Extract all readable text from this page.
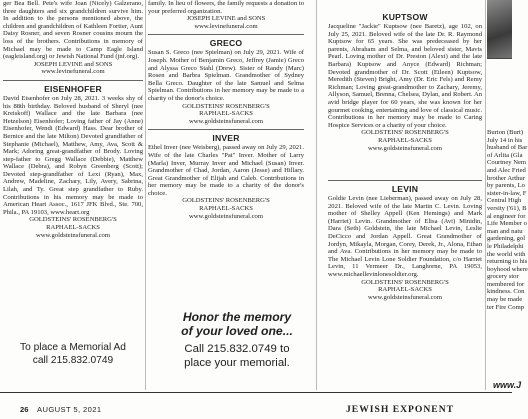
ger Bea Bell. Pete's wife Joan (Nicely) Galzerano, three daughters and six grandchildren survive him. In addition to the persons mentioned above, the children and grandchildren of Kathleen Fortier, Aunt Daisy Rosner, and seven Rosner cousins mourn the loss of the brothers. Contributions in memory of Michael may be made to Camp Eagle Island (eagleisland.org) or Jewish National Fund (jnf.org).

JOSEPH LEVINE and SONS

www.levinefuneral.com

EISENHOFER

David Eisenhofer on July 28, 2021. 3 weeks shy of his 88th birthday. Beloved husband of Sheryl (nee Kreiskoff) Wallace and the late Barbara (nee Hetzelson) Eisenhofer; Loving father of Jay (Anne) Eisenhofer, Wendi (Edward) Hass. Dear brother of Bernice and the late Milton) Devoted grandfather of Stephanie (Michael), Matthew, Amy, Ava, Scott & Mark; Adoring great-grandfather of Brody. Loving step-father to Gregg Wallace (Debbie), Matthew Wallace (Debra), and Robyn Greenberg (Scott); Devoted step-grandfather of Lexi (Ryan), Max, Andrew, Madeline, Zachary, Lily, Avery, Sabrina, Lilah, and Ty. Great step grandfather to Ruby. Contributions in his memory may be made to American Heart Assoc., 1617 JFK Blvd., Ste. 700, Phila., PA 19103, www.heart.org

GOLDSTEINS' ROSENBERG'S

RAPHAEL-SACKS

www.goldsteinsfuneral.com

To place a Memorial Ad
call 215.832.0749

family. In lieu of flowers, the family requests a donation to your preferred organization.

JOSEPH LEVINE and SONS

www.levinefuneral.com

GRECO

Susan S. Greco (nee Spielman) on July 29, 2021. Wife of Joseph. Mother of Benjamin Greco, Jeffrey (Jamie) Greco and Alyssa Greco Stahl (Drew). Sister of Randy (Marc) Rosen and Barbra Spielman. Grandmother of Sydney Bella Greco. Daughter of the late Samuel and Selma Spielman. Contributions in her memory may be made to a charity of the donor's choice.

GOLDSTEINS' ROSENBERG'S

RAPHAEL-SACKS

www.goldsteinsfuneral.com

INVER

Ethel Inver (nee Weisberg), passed away on July 29, 2021. Wife of the late Charles "Pat" Inver. Mother of Larry (Marla) Inver, Murray Inver and Michael (Susan) Inver. Grandmother of Chad, Jordan, Aaron (Jesse) and Hillary. Great Grandmother of Elijah and Caleb. Contributions in her memory may be made to a charity of the donor's choice.

GOLDSTEINS' ROSENBERG'S

RAPHAEL-SACKS

www.goldsteinsfuneral.com

Honor the memory
of your loved one...
Call 215.832.0749 to
place your memorial.

KUPTSOW

Jacqueline "Jackie" Kuptsow (nee Baretz), age 102, on July 25, 2021. Beloved wife of the late Dr. R. Raymond Kuptsow for 65 years. She was predeceased by her parents, Abraham and Selma, and beloved sister, Mavis Pearl. Loving mother of Dr. Preston (Alexi) and the late Barbara) Kuptsow and Anyce (Edward) Richman; Devoted grandmother of Dr. Scott (Eileen) Kuptsow, Meredith (Steven) Bright, Amy (Dr. Eric Fels) and Remy Richman; Loving great-grandmother to Zachary, Jeremy, Allyson, Samuel, Brenna, Chelsea, Dylan, and Robert. An avid bridge player for 60 years, she was known for her gourmet cooking, entertaining and love of classical music. Contributions in her memory may be made to Caring Hospice Services or a charity of your choice.

GOLDSTEINS' ROSENBERG'S

RAPHAEL-SACKS

www.goldsteinsfuneral.com

LEVIN

Goldie Levin (nee Lieberman), passed away on July 28, 2021. Beloved wife of the late Martin C. Levin. Loving mother of Shelley Appell (Ken Hemings) and Mark (Harriet) Levin. Grandmother of Elisa (Avi) Minidin, Dara (Seth) Goldstein, the late Michael Levin, Leslie DeCicco and Jordan Appell. Great Grandmother of Jordyn, Mikayla, Morgan, Corey, Derek, Jr., Alona, Ethan and Ava. Contributions in her memory may be made to The Michael Levin Lone Soldier Foundation, c/o Harriet Levin, 11 Vermeer Dr., Langhorne, PA 19053, www.michaellevinlonesoldier.org.

GOLDSTEINS' ROSENBERG'S

RAPHAEL-SACKS

www.goldsteinsfuneral.com

Burton (Burt)

July 14 in his

husband of Bar

of Arlita (Gla

Courtney Nem

and Alec Fried

brother Arthur

by parents, Lo

sister-in-law, F

Central High

versity ('61), B

al engineer for

Life Member o

man and natu

gardening, gol

le Philadelphi

the world with

returning to his

boyhood where

grocery stor

membered for

kindness. Con

may be made

ter Fire Comp

www.J
26 AUGUST 5, 2021	JEWISH EXPONENT
